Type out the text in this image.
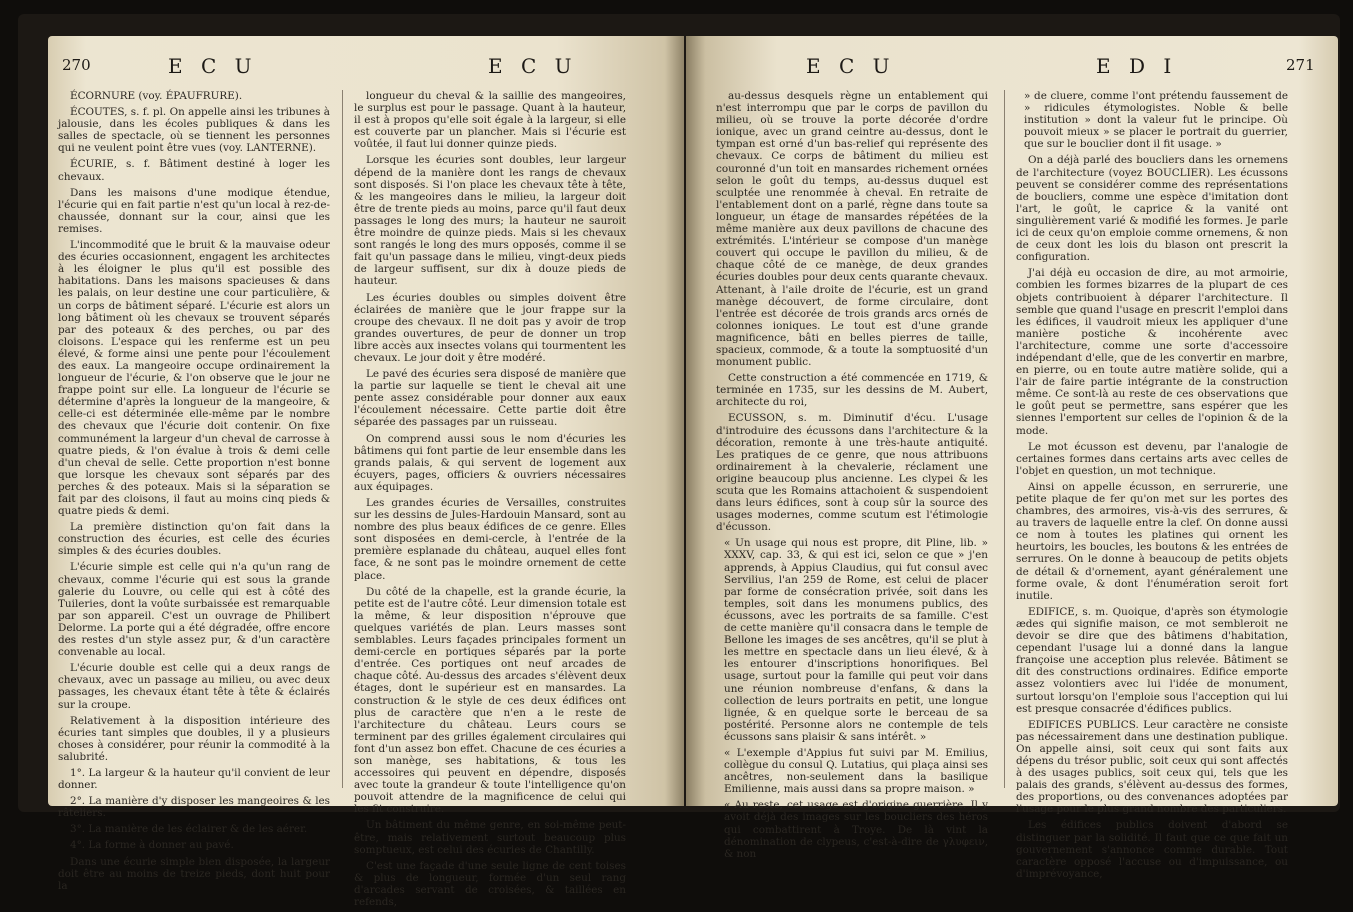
270	E C U	E C U

ÉCORNURE (voy. ÉPAUFRURE).

ÉCOUTES, s. f. pl. On appelle ainsi les tribunes à jalousie, dans les écoles publiques & dans les salles de spectacle, où se tiennent les personnes qui ne veulent point être vues (voy. LANTERNE).

ÉCURIE, s. f. Bâtiment destiné à loger les chevaux.

Dans les maisons d'une modique étendue, l'écurie qui en fait partie n'est qu'un local à rez-de-chaussée, donnant sur la cour, ainsi que les remises.

L'incommodité que le bruit & la mauvaise odeur des écuries occasionnent, engagent les architectes à les éloigner le plus qu'il est possible des habitations. Dans les maisons spacieuses & dans les palais, on leur destine une cour particulière, & un corps de bâtiment séparé. L'écurie est alors un long bâtiment où les chevaux se trouvent séparés par des poteaux & des perches, ou par des cloisons. L'espace qui les renferme est un peu élevé, & forme ainsi une pente pour l'écoulement des eaux. La mangeoire occupe ordinairement la longueur de l'écurie, & l'on observe que le jour ne frappe point sur elle. La longueur de l'écurie se détermine d'après la longueur de la mangeoire, & celle-ci est déterminée elle-même par le nombre des chevaux que l'écurie doit contenir. On fixe communément la largeur d'un cheval de carrosse à quatre pieds, & l'on évalue à trois & demi celle d'un cheval de selle. Cette proportion n'est bonne que lorsque les chevaux sont séparés par des perches & des poteaux. Mais si la séparation se fait par des cloisons, il faut au moins cinq pieds & quatre pieds & demi.

La première distinction qu'on fait dans la construction des écuries, est celle des écuries simples & des écuries doubles.

L'écurie simple est celle qui n'a qu'un rang de chevaux, comme l'écurie qui est sous la grande galerie du Louvre, ou celle qui est à côté des Tuileries, dont la voûte surbaissée est remarquable par son appareil. C'est un ouvrage de Philibert Delorme. La porte qui a été dégradée, offre encore des restes d'un style assez pur, & d'un caractère convenable au local.

L'écurie double est celle qui a deux rangs de chevaux, avec un passage au milieu, ou avec deux passages, les chevaux étant tête à tête & éclairés sur la croupe.

Relativement à la disposition intérieure des écuries tant simples que doubles, il y a plusieurs choses à considérer, pour réunir la commodité à la salubrité.

1°. La largeur & la hauteur qu'il convient de leur donner.

2°. La manière d'y disposer les mangeoires & les râteliers.

3°. La manière de les éclairer & de les aérer.

4°. La forme à donner au pavé.

Dans une écurie simple bien disposée, la largeur doit être au moins de treize pieds, dont huit pour la

longueur du cheval & la saillie des mangeoires, le surplus est pour le passage. Quant à la hauteur, il est à propos qu'elle soit égale à la largeur, si elle est couverte par un plancher. Mais si l'écurie est voûtée, il faut lui donner quinze pieds.

Lorsque les écuries sont doubles, leur largeur dépend de la manière dont les rangs de chevaux sont disposés. Si l'on place les chevaux tête à tête, & les mangeoires dans le milieu, la largeur doit être de trente pieds au moins, parce qu'il faut deux passages le long des murs; la hauteur ne sauroit être moindre de quinze pieds. Mais si les chevaux sont rangés le long des murs opposés, comme il se fait qu'un passage dans le milieu, vingt-deux pieds de largeur suffisent, sur dix à douze pieds de hauteur.

Les écuries doubles ou simples doivent être éclairées de manière que le jour frappe sur la croupe des chevaux. Il ne doit pas y avoir de trop grandes ouvertures, de peur de donner un trop libre accès aux insectes volans qui tourmentent les chevaux. Le jour doit y être modéré.

Le pavé des écuries sera disposé de manière que la partie sur laquelle se tient le cheval ait une pente assez considérable pour donner aux eaux l'écoulement nécessaire. Cette partie doit être séparée des passages par un ruisseau.

On comprend aussi sous le nom d'écuries les bâtimens qui font partie de leur ensemble dans les grands palais, & qui servent de logement aux écuyers, pages, officiers & ouvriers nécessaires aux équipages.

Les grandes écuries de Versailles, construites sur les dessins de Jules-Hardouin Mansard, sont au nombre des plus beaux édifices de ce genre. Elles sont disposées en demi-cercle, à l'entrée de la première esplanade du château, auquel elles font face, & ne sont pas le moindre ornement de cette place.

Du côté de la chapelle, est la grande écurie, la petite est de l'autre côté. Leur dimension totale est la même, & leur disposition n'éprouve que quelques variétés de plan. Leurs masses sont semblables. Leurs façades principales forment un demi-cercle en portiques séparés par la porte d'entrée. Ces portiques ont neuf arcades de chaque côté. Au-dessus des arcades s'élèvent deux étages, dont le supérieur est en mansardes. La construction & le style de ces deux édifices ont plus de caractère que n'en a le reste de l'architecture du château. Leurs cours se terminent par des grilles également circulaires qui font d'un assez bon effet. Chacune de ces écuries a son manège, ses habitations, & tous les accessoires qui peuvent en dépendre, disposés avec toute la grandeur & toute l'intelligence qu'on pouvoit attendre de la magnificence de celui qui les fit construire.

Un bâtiment du même genre, en soi-même peut-être, mais relativement surtout beaucoup plus somptueux, est celui des écuries de Chantilly.

C'est une façade d'une seule ligne de cent toises & plus de longueur, formée d'un seul rang d'arcades servant de croisées, & taillées en refends,

E C U	E D I	271

au-dessus desquels règne un entablement qui n'est interrompu que par le corps de pavillon du milieu, où se trouve la porte décorée d'ordre ionique, avec un grand ceintre au-dessus, dont le tympan est orné d'un bas-relief qui représente des chevaux. Ce corps de bâtiment du milieu est couronné d'un toit en mansardes richement ornées selon le goût du temps, au-dessus duquel est sculptée une renommée à cheval. En retraite de l'entablement dont on a parlé, règne dans toute sa longueur, un étage de mansardes répétées de la même manière aux deux pavillons de chacune des extrémités. L'intérieur se compose d'un manège couvert qui occupe le pavillon du milieu, & de chaque côté de ce manège, de deux grandes écuries doubles pour deux cents quarante chevaux. Attenant, à l'aile droite de l'écurie, est un grand manège découvert, de forme circulaire, dont l'entrée est décorée de trois grands arcs ornés de colonnes ioniques. Le tout est d'une grande magnificence, bâti en belles pierres de taille, spacieux, commode, & a toute la somptuosité d'un monument public.

Cette construction a été commencée en 1719, & terminée en 1735, sur les dessins de M. Aubert, architecte du roi,

ECUSSON, s. m. Diminutif d'écu. L'usage d'introduire des écussons dans l'architecture & la décoration, remonte à une très-haute antiquité. Les pratiques de ce genre, que nous attribuons ordinairement à la chevalerie, réclament une origine beaucoup plus ancienne. Les clypei & les scuta que les Romains attachoient & suspendoient dans leurs édifices, sont à coup sûr la source des usages modernes, comme scutum est l'étimologie d'écusson.

« Un usage qui nous est propre, dit Pline, lib. » XXXV, cap. 33, & qui est ici, selon ce que » j'en apprends, à Appius Claudius, qui fut consul avec Servilius, l'an 259 de Rome, est celui de placer par forme de consécration privée, soit dans les temples, soit dans les monumens publics, des écussons, avec les portraits de sa famille. C'est de cette manière qu'il consacra dans le temple de Bellone les images de ses ancêtres, qu'il se plut à les mettre en spectacle dans un lieu élevé, & à les entourer d'inscriptions honorifiques. Bel usage, surtout pour la famille qui peut voir dans une réunion nombreuse d'enfans, & dans la collection de leurs portraits en petit, une longue lignée, & en quelque sorte le berceau de sa postérité. Personne alors ne contemple de tels écussons sans plaisir & sans intérêt. »

« L'exemple d'Appius fut suivi par M. Emilius, collègue du consul Q. Lutatius, qui plaça ainsi ses ancêtres, non-seulement dans la basilique Emilienne, mais aussi dans sa propre maison. »

« Au reste, cet usage est d'origine guerrière. Il y avoit déjà des images sur les boucliers des héros qui combattirent à Troye. De là vint la dénomination de clypeus, c'est-à-dire de γλυφειν, & non

» de cluere, comme l'ont prétendu faussement de » ridicules étymologistes. Noble & belle institution » dont la valeur fut le principe. Où pouvoit mieux » se placer le portrait du guerrier, que sur le bouclier dont il fit usage. »

On a déjà parlé des boucliers dans les ornemens de l'architecture (voyez BOUCLIER). Les écussons peuvent se considérer comme des représentations de boucliers, comme une espèce d'imitation dont l'art, le goût, le caprice & la vanité ont singulièrement varié & modifié les formes. Je parle ici de ceux qu'on emploie comme ornemens, & non de ceux dont les lois du blason ont prescrit la configuration.

J'ai déjà eu occasion de dire, au mot armoirie, combien les formes bizarres de la plupart de ces objets contribuoient à déparer l'architecture. Il semble que quand l'usage en prescrit l'emploi dans les édifices, il vaudroit mieux les appliquer d'une manière postiche & incohérente avec l'architecture, comme une sorte d'accessoire indépendant d'elle, que de les convertir en marbre, en pierre, ou en toute autre matière solide, qui a l'air de faire partie intégrante de la construction même. Ce sont-là au reste de ces observations que le goût peut se permettre, sans espérer que les siennes l'emportent sur celles de l'opinion & de la mode.

Le mot écusson est devenu, par l'analogie de certaines formes dans certains arts avec celles de l'objet en question, un mot technique.

Ainsi on appelle écusson, en serrurerie, une petite plaque de fer qu'on met sur les portes des chambres, des armoires, vis-à-vis des serrures, & au travers de laquelle entre la clef. On donne aussi ce nom à toutes les platines qui ornent les heurtoirs, les boucles, les boutons & les entrées de serrures. On le donne à beaucoup de petits objets de détail & d'ornement, ayant généralement une forme ovale, & dont l'énumération seroit fort inutile.

EDIFICE, s. m. Quoique, d'après son étymologie ædes qui signifie maison, ce mot sembleroit ne devoir se dire que des bâtimens d'habitation, cependant l'usage lui a donné dans la langue françoise une acception plus relevée. Bâtiment se dit des constructions ordinaires. Edifice emporte assez volontiers avec lui l'idée de monument, surtout lorsqu'on l'emploie sous l'acception qui lui est presque consacrée d'édifices publics.

EDIFICES PUBLICS. Leur caractère ne consiste pas nécessairement dans une destination publique. On appelle ainsi, soit ceux qui sont faits aux dépens du trésor public, soit ceux qui sont affectés à des usages publics, soit ceux qui, tels que les palais des grands, s'élèvent au-dessus des formes, des proportions, ou des convenances adoptées par l'usage pour le plus grand nombre des particuliers.

Les édifices publics doivent d'abord se distinguer par la solidité. Il faut que ce que fait un gouvernement s'annonce comme durable. Tout caractère opposé l'accuse ou d'impuissance, ou d'imprévoyance,
